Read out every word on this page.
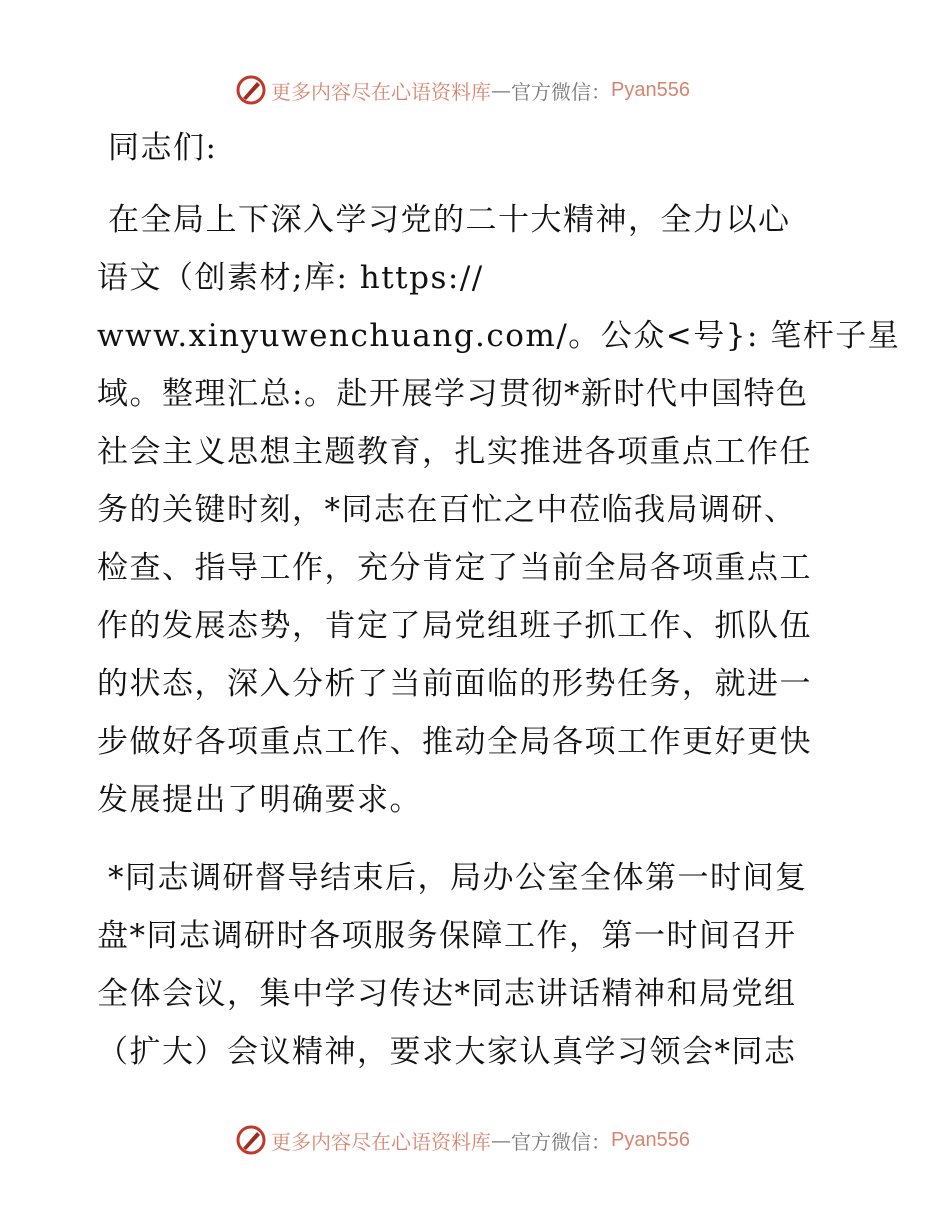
更多内容尽在心语资料库 — 官方微信： Pyan556
同志们:
在全局上下深入学习党的二十大精神，全力以心
语文（创素材;库: https://
www.xinyuwenchuang.com/。公众<号}: 笔杆子星
域。整理汇总:。赴开展学习贯彻*新时代中国特色
社会主义思想主题教育，扎实推进各项重点工作任
务的关键时刻，*同志在百忙之中莅临我局调研、
检查、指导工作，充分肯定了当前全局各项重点工
作的发展态势，肯定了局党组班子抓工作、抓队伍
的状态，深入分析了当前面临的形势任务，就进一
步做好各项重点工作、推动全局各项工作更好更快
发展提出了明确要求。
*同志调研督导结束后，局办公室全体第一时间复
盘*同志调研时各项服务保障工作，第一时间召开
全体会议，集中学习传达*同志讲话精神和局党组
（扩大）会议精神，要求大家认真学习领会*同志
更多内容尽在心语资料库 — 官方微信： Pyan556
